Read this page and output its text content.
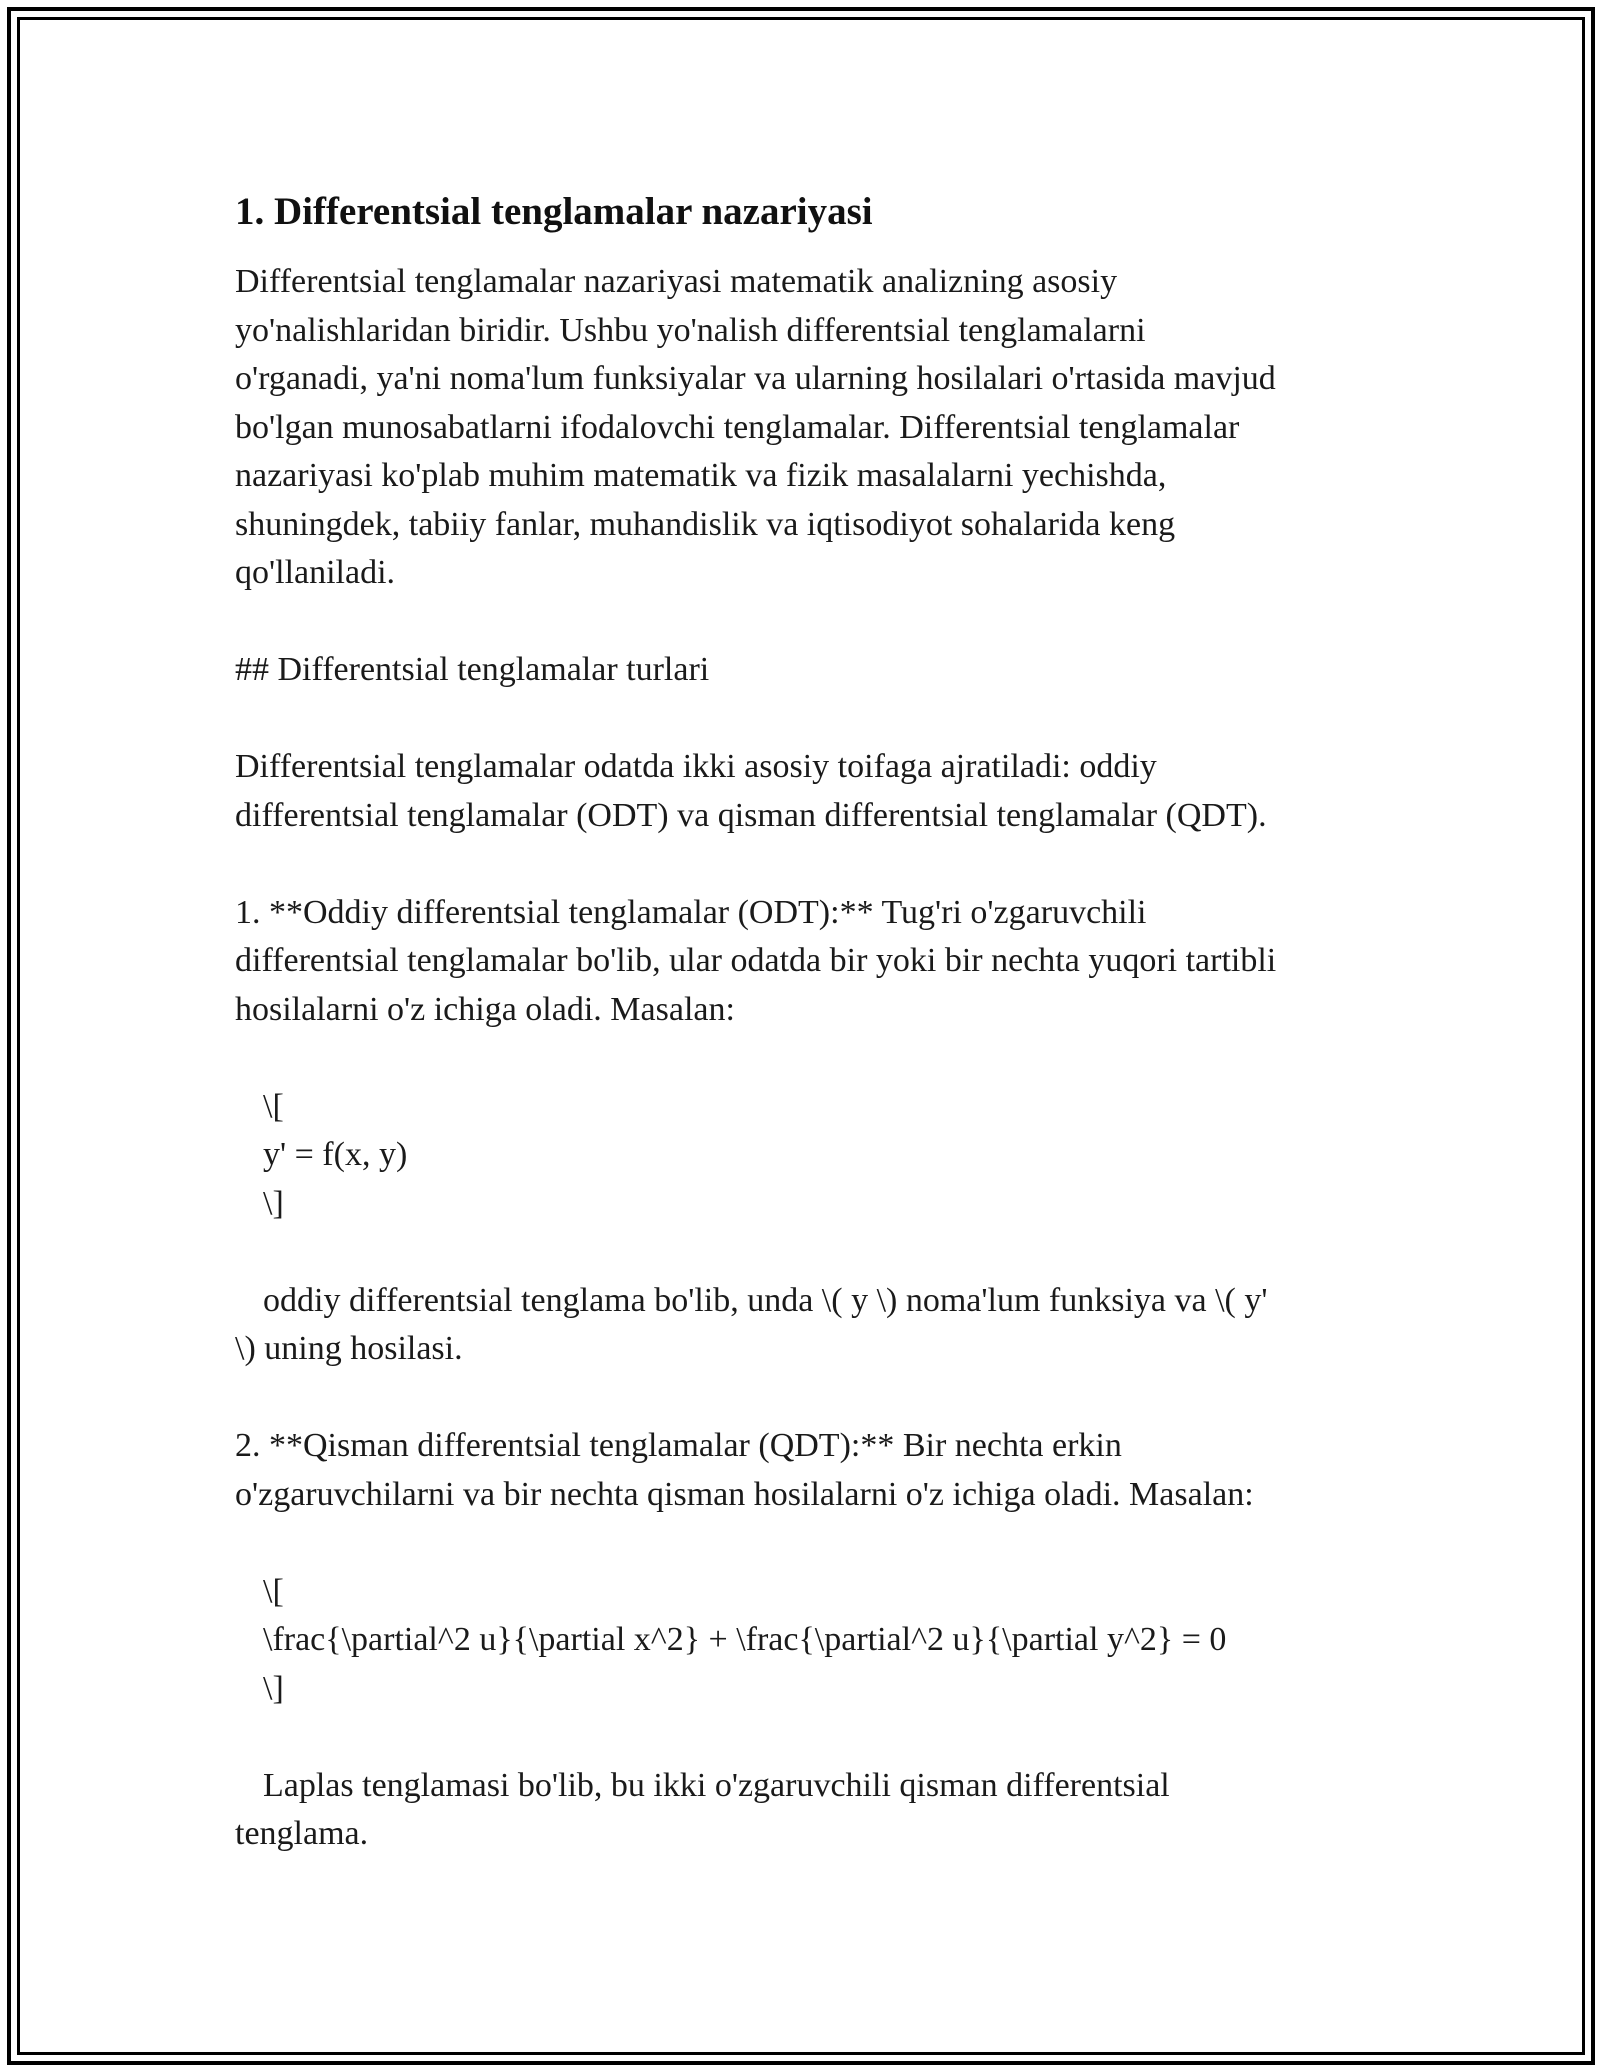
1. Differentsial tenglamalar nazariyasi

Differentsial tenglamalar nazariyasi matematik analizning asosiy

yo'nalishlaridan biridir. Ushbu yo'nalish differentsial tenglamalarni

o'rganadi, ya'ni noma'lum funksiyalar va ularning hosilalari o'rtasida mavjud

bo'lgan munosabatlarni ifodalovchi tenglamalar. Differentsial tenglamalar

nazariyasi ko'plab muhim matematik va fizik masalalarni yechishda,

shuningdek, tabiiy fanlar, muhandislik va iqtisodiyot sohalarida keng

qo'llaniladi.

## Differentsial tenglamalar turlari

Differentsial tenglamalar odatda ikki asosiy toifaga ajratiladi: oddiy

differentsial tenglamalar (ODT) va qisman differentsial tenglamalar (QDT).

1. **Oddiy differentsial tenglamalar (ODT):** Tug'ri o'zgaruvchili

differentsial tenglamalar bo'lib, ular odatda bir yoki bir nechta yuqori tartibli

hosilalarni o'z ichiga oladi. Masalan:

\[

y' = f(x, y)

\]

oddiy differentsial tenglama bo'lib, unda \( y \) noma'lum funksiya va \( y'

\) uning hosilasi.

2. **Qisman differentsial tenglamalar (QDT):** Bir nechta erkin

o'zgaruvchilarni va bir nechta qisman hosilalarni o'z ichiga oladi. Masalan:

\[

\frac{\partial^2 u}{\partial x^2} + \frac{\partial^2 u}{\partial y^2} = 0

\]

Laplas tenglamasi bo'lib, bu ikki o'zgaruvchili qisman differentsial

tenglama.
